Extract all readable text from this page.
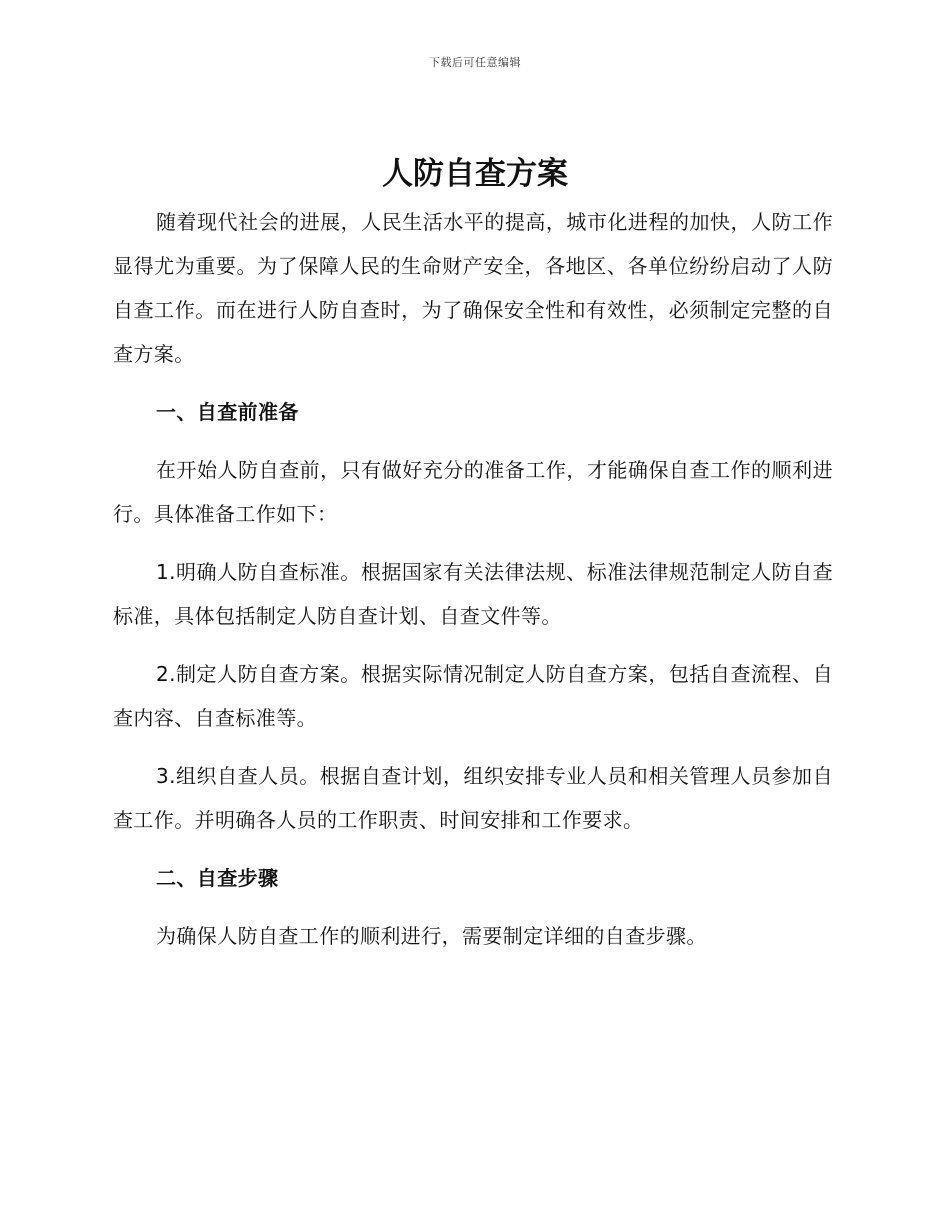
下载后可任意编辑
人防自查方案

随着现代社会的进展，人民生活水平的提高，城市化进程的加快，人防工作显得尤为重要。为了保障人民的生命财产安全，各地区、各单位纷纷启动了人防自查工作。而在进行人防自查时，为了确保安全性和有效性，必须制定完整的自查方案。

一、自查前准备

在开始人防自查前，只有做好充分的准备工作，才能确保自查工作的顺利进行。具体准备工作如下：

1.明确人防自查标准。根据国家有关法律法规、标准法律规范制定人防自查标准，具体包括制定人防自查计划、自查文件等。

2.制定人防自查方案。根据实际情况制定人防自查方案，包括自查流程、自查内容、自查标准等。

3.组织自查人员。根据自查计划，组织安排专业人员和相关管理人员参加自查工作。并明确各人员的工作职责、时间安排和工作要求。

二、自查步骤

为确保人防自查工作的顺利进行，需要制定详细的自查步骤。
